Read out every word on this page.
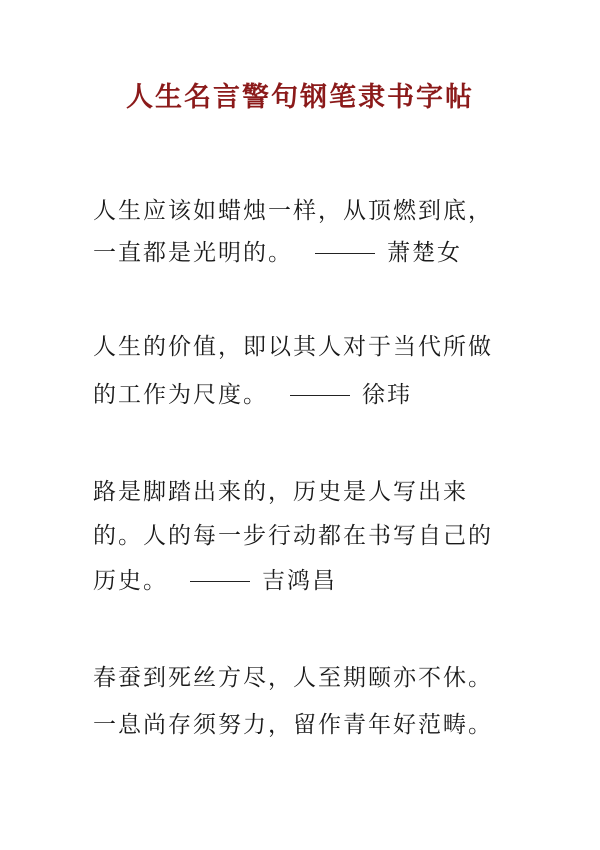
人生名言警句钢笔隶书字帖
人生应该如蜡烛一样，从顶燃到底，
一直都是光明的。	萧楚女
人生的价值，即以其人对于当代所做
的工作为尺度。	徐玮
路是脚踏出来的，历史是人写出来
的。人的每一步行动都在书写自己的
历史。	吉鸿昌
春蚕到死丝方尽，人至期颐亦不休。
一息尚存须努力，留作青年好范畴。
